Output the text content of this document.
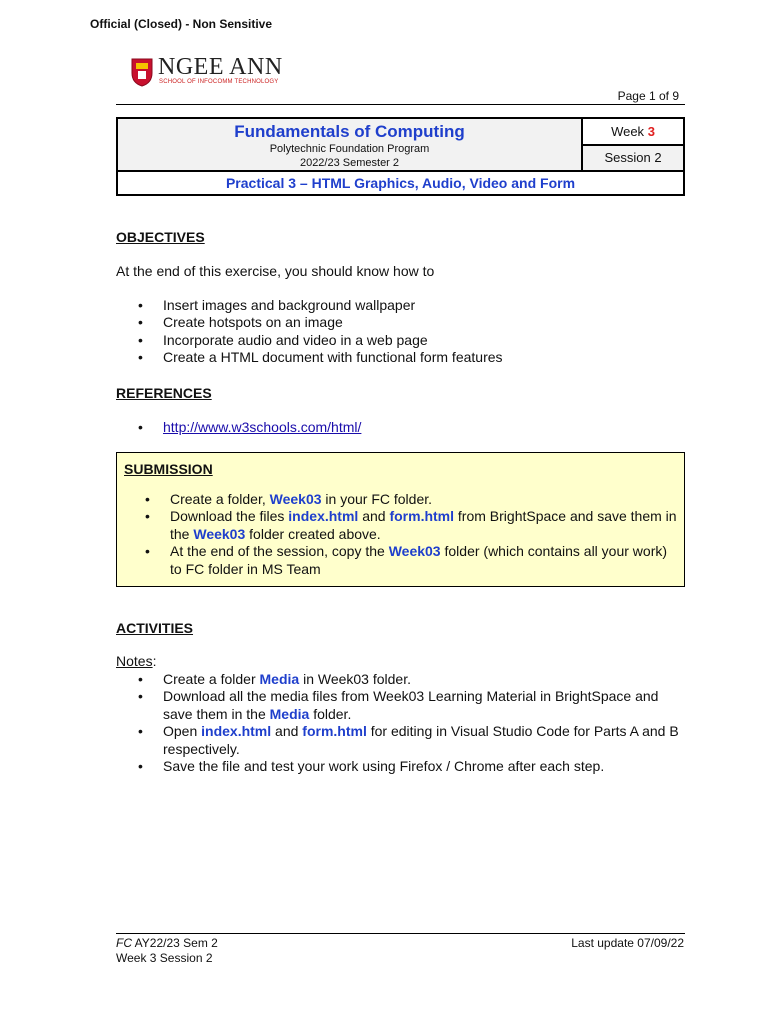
Official (Closed) - Non Sensitive
NGEE ANN
SCHOOL OF INFOCOMM TECHNOLOGY
Page 1 of 9
Fundamentals of Computing
Polytechnic Foundation Program
2022/23 Semester 2
	Week 3
Session 2
Practical 3 – HTML Graphics, Audio, Video and Form
OBJECTIVES
At the end of this exercise, you should know how to
• Insert images and background wallpaper
• Create hotspots on an image
• Incorporate audio and video in a web page
• Create a HTML document with functional form features
REFERENCES
• http://www.w3schools.com/html/
SUBMISSION
• Create a folder, Week03 in your FC folder.
• Download the files index.html and form.html from BrightSpace and save them in the Week03 folder created above.
• At the end of the session, copy the Week03 folder (which contains all your work) to FC folder in MS Team
ACTIVITIES
Notes:
• Create a folder Media in Week03 folder.
• Download all the media files from Week03 Learning Material in BrightSpace and save them in the Media folder.
• Open index.html and form.html for editing in Visual Studio Code for Parts A and B respectively.
• Save the file and test your work using Firefox / Chrome after each step.
FC AY22/23 Sem 2
Week 3 Session 2
Last update 07/09/22
